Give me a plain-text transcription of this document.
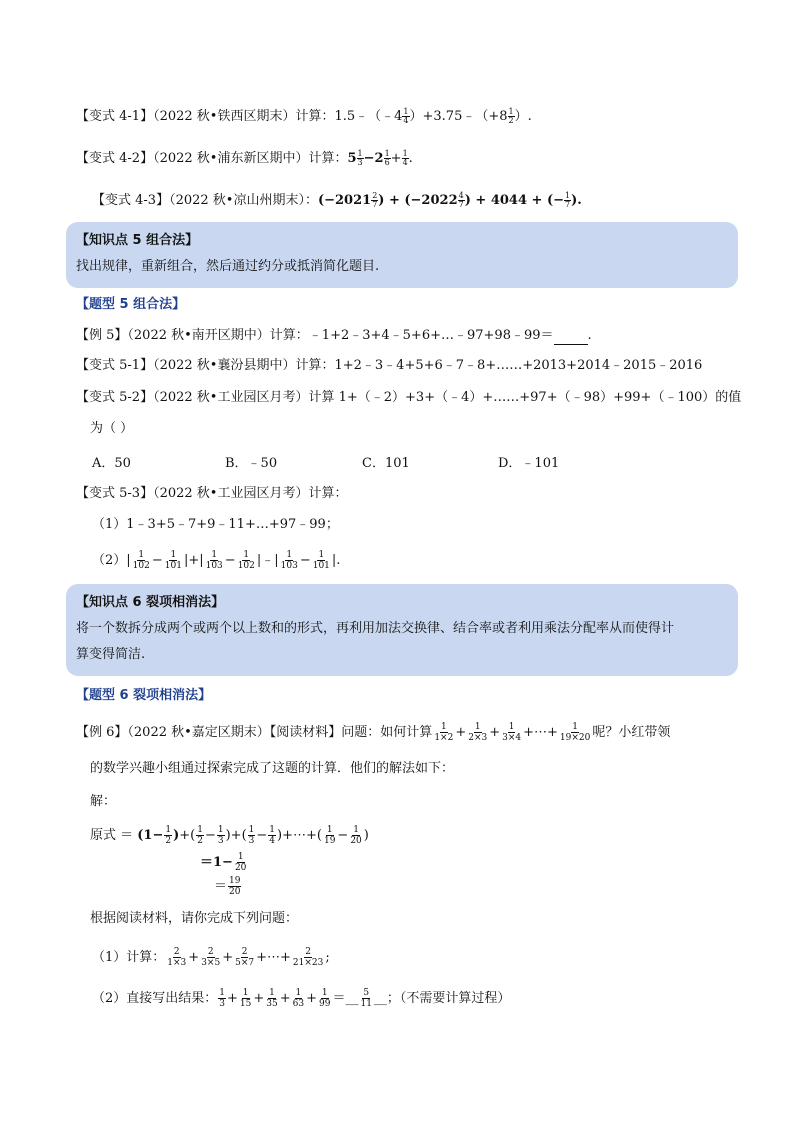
【变式 4-1】（2022 秋•铁西区期末）计算：1.5﹣（﹣4 $\frac{1}{4}$ ）+3.75﹣（+8 $\frac{1}{2}$ ）.
【变式 4-2】（2022 秋•浦东新区期中）计算：$5 \frac{1}{3} -2 \frac{1}{6} + \frac{1}{4}$ .
【变式 4-3】（2022 秋•凉山州期末）：($-2021 \frac{2}{7}$ ) + ($-2022 \frac{4}{7}$ ) + 4044 + (− $\frac{1}{7}$ ).
【知识点 5 组合法】
找出规律，重新组合，然后通过约分或抵消简化题目.
【题型 5 组合法】
【例 5】（2022 秋•南开区期中）计算：﹣1+2﹣3+4﹣5+6+…﹣97+98﹣99＝	.
【变式 5-1】（2022 秋•襄汾县期中）计算：1+2﹣3﹣4+5+6﹣7﹣8+……+2013+2014﹣2015﹣2016
【变式 5-2】（2022 秋•工业园区月考）计算 1+（﹣2）+3+（﹣4）+……+97+（﹣98）+99+（﹣100）的值
为（ ）
A．50	B．﹣50	C．101	D．﹣101
【变式 5-3】（2022 秋•工业园区月考）计算：
（1）1﹣3+5﹣7+9﹣11+…+97﹣99；
$(2)| \frac{1}{102} - \frac{1}{101}$ |+| $\frac{1}{103} - \frac{1}{102}$ |﹣| $\frac{1}{103} - \frac{1}{101}$ |.
【知识点 6 裂项相消法】
将一个数拆分成两个或两个以上数和的形式，再利用加法交换律、结合率或者利用乘法分配率从而使得计
算变得简洁.
【题型 6 裂项相消法】
【例 6】（2022 秋•嘉定区期末）【阅读材料】问题：如何计算 $\frac{1}{1\times 2} + \frac{1}{2\times 3} + \frac{1}{3\times 4}$ +⋯+ $\frac{1}{19\times 20}$ 呢？小红带领
的数学兴趣小组通过探索完成了这题的计算．他们的解法如下：
解：
原式 ＝ ($1- \frac{1}{2}$ )+( $\frac{1}{2} - \frac{1}{3}$ )+( $\frac{1}{3} - \frac{1}{4}$ )+⋯+( $\frac{1}{19} - \frac{1}{20}$ )
$=1- \frac{1}{20}$
＝ $\frac{19}{20}$
根据阅读材料，请你完成下列问题：
（1）计算： $\frac{2}{1\times 3} + \frac{2}{3\times 5} + \frac{2}{5\times 7}$ +⋯+ $\frac{2}{21\times 23}$ ;
（2）直接写出结果： $\frac{1}{3} + \frac{1}{15} + \frac{1}{35} + \frac{1}{63} + \frac{1}{99}$ ＝__ $\frac{5}{11}$ __；（不需要计算过程）
